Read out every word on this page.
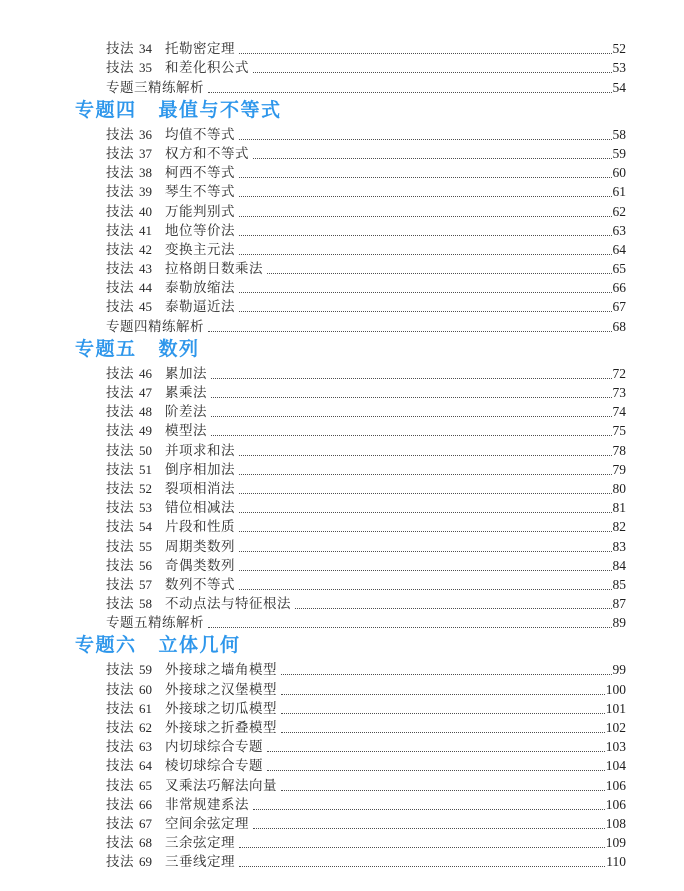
技法 34 托勒密定理	52
技法 35 和差化积公式	53
专题三精练解析	54
专题四 最值与不等式
技法 36 均值不等式	58
技法 37 权方和不等式	59
技法 38 柯西不等式	60
技法 39 琴生不等式	61
技法 40 万能判别式	62
技法 41 地位等价法	63
技法 42 变换主元法	64
技法 43 拉格朗日数乘法	65
技法 44 泰勒放缩法	66
技法 45 泰勒逼近法	67
专题四精练解析	68
专题五 数列
技法 46 累加法	72
技法 47 累乘法	73
技法 48 阶差法	74
技法 49 模型法	75
技法 50 并项求和法	78
技法 51 倒序相加法	79
技法 52 裂项相消法	80
技法 53 错位相减法	81
技法 54 片段和性质	82
技法 55 周期类数列	83
技法 56 奇偶类数列	84
技法 57 数列不等式	85
技法 58 不动点法与特征根法	87
专题五精练解析	89
专题六 立体几何
技法 59 外接球之墙角模型	99
技法 60 外接球之汉堡模型	100
技法 61 外接球之切瓜模型	101
技法 62 外接球之折叠模型	102
技法 63 内切球综合专题	103
技法 64 棱切球综合专题	104
技法 65 叉乘法巧解法向量	106
技法 66 非常规建系法	106
技法 67 空间余弦定理	108
技法 68 三余弦定理	109
技法 69 三垂线定理	110
